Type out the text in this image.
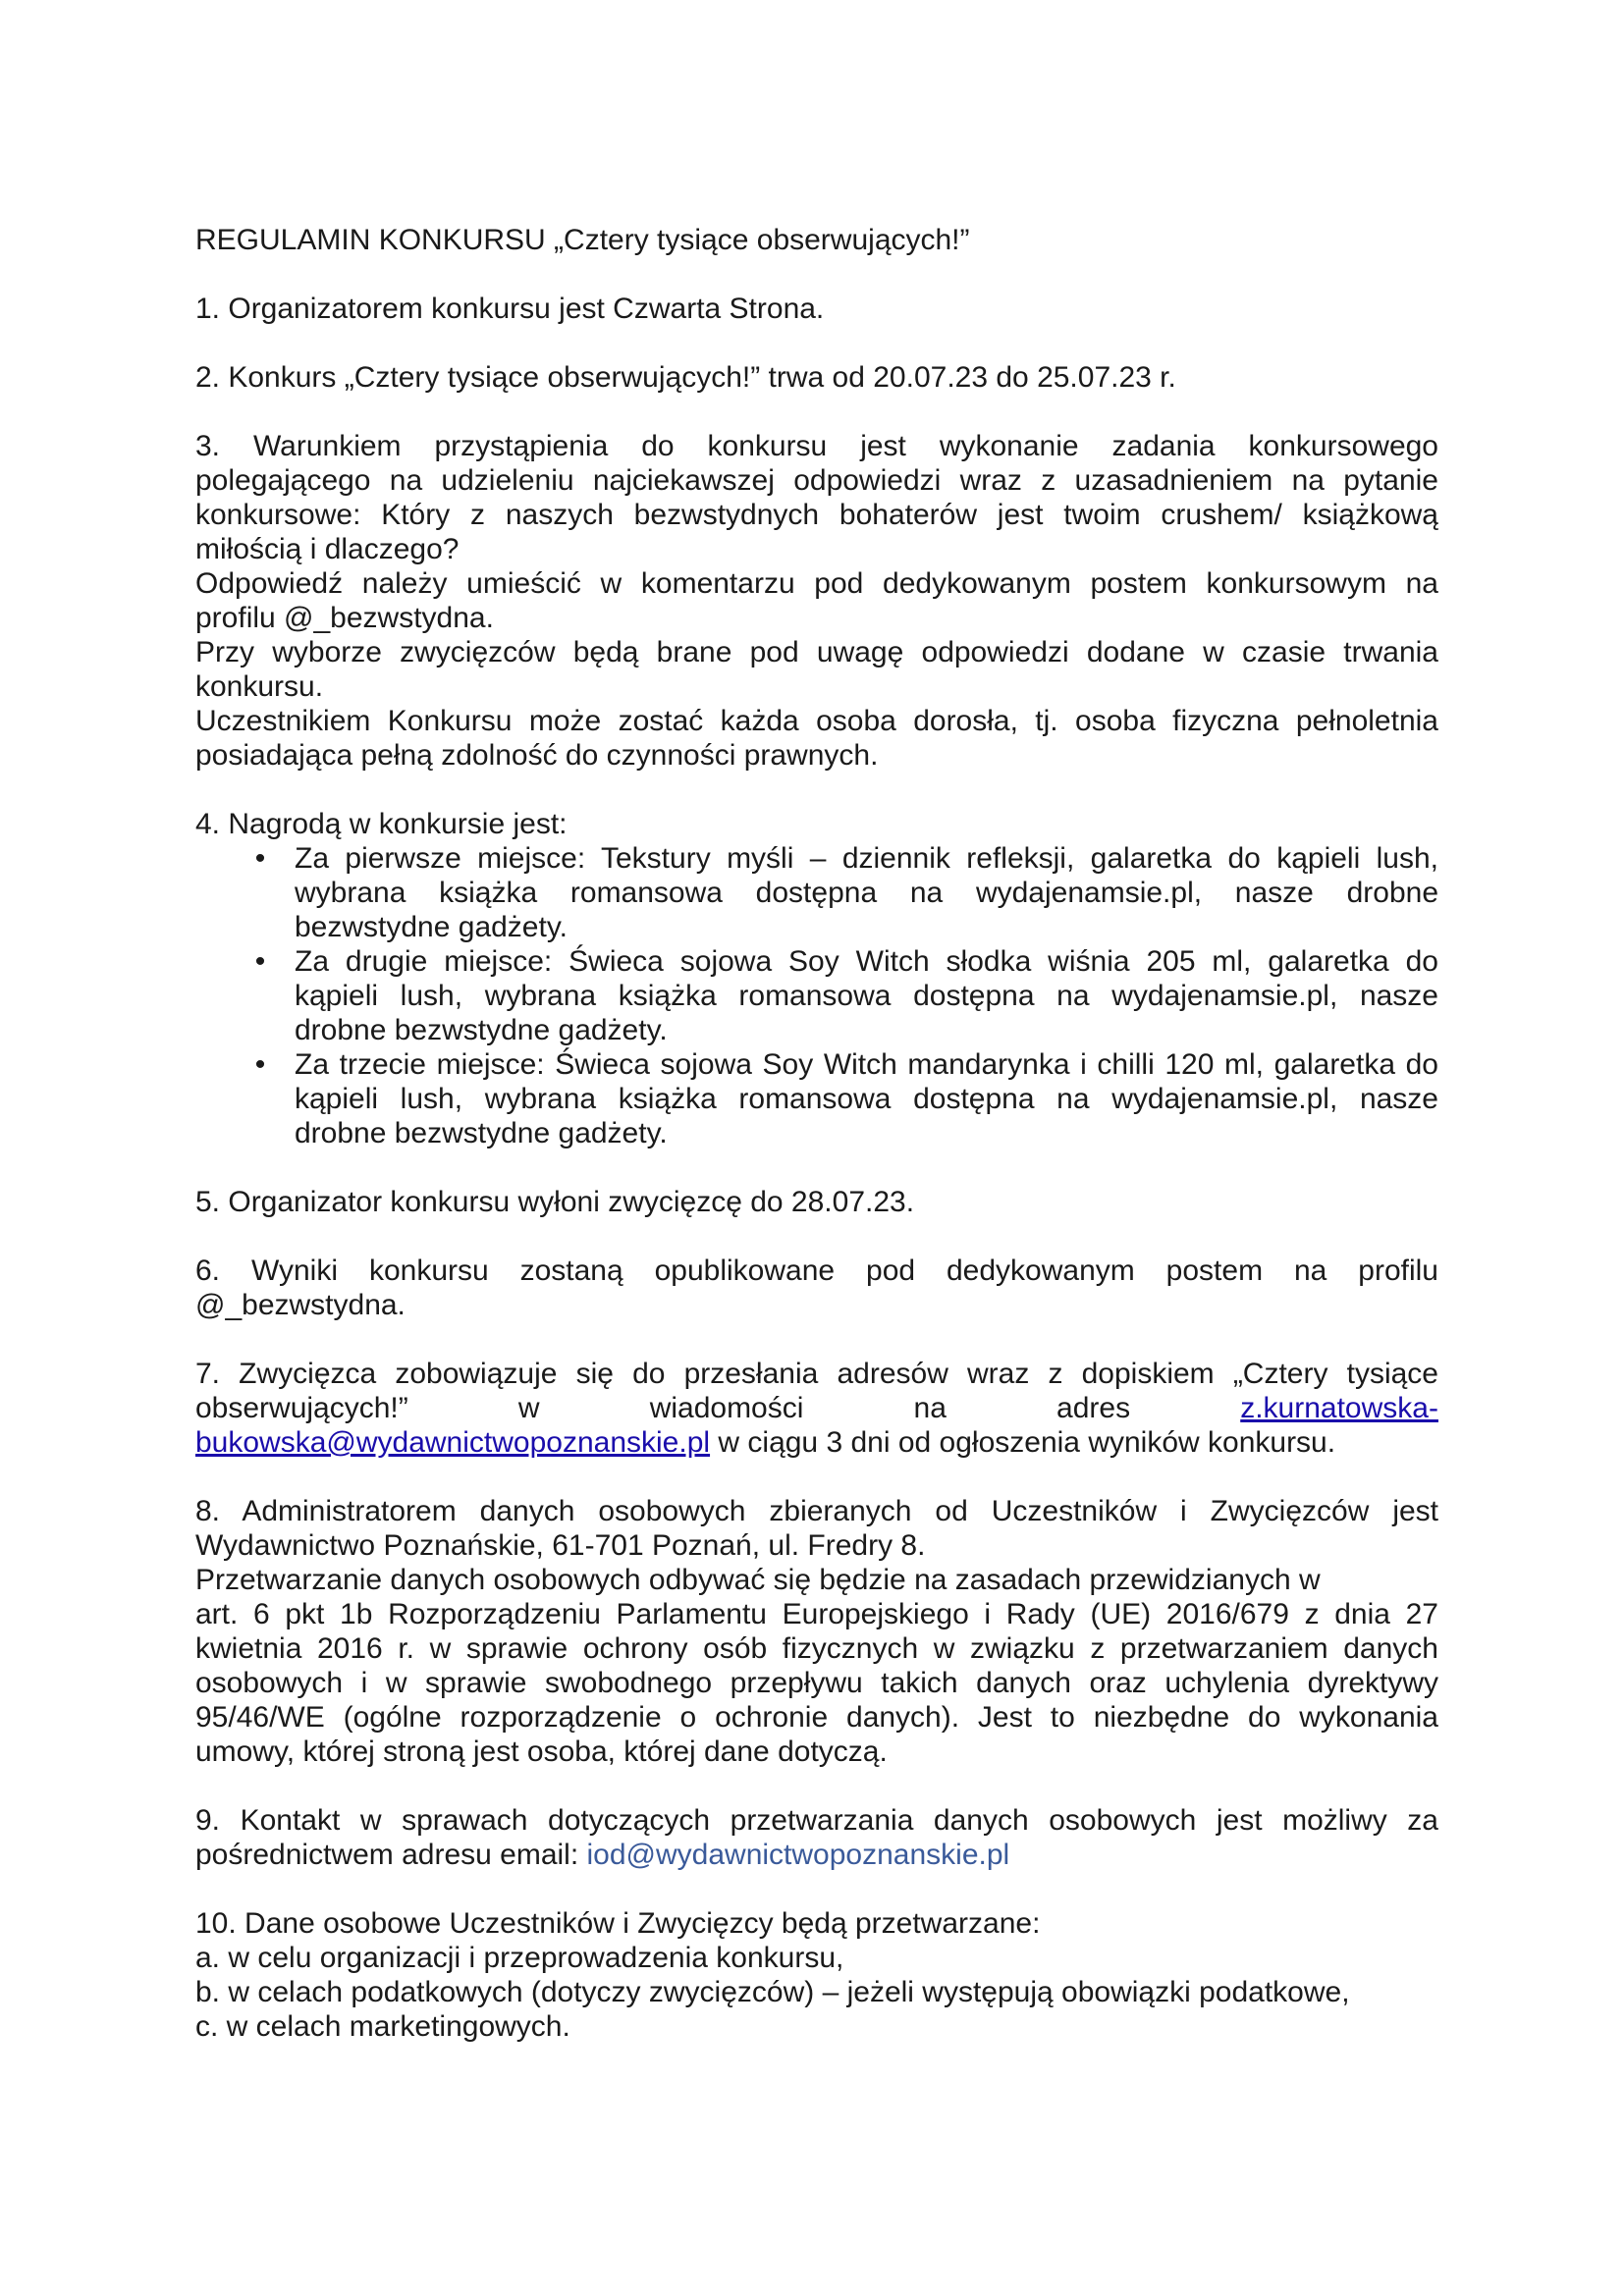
REGULAMIN KONKURSU „Cztery tysiące obserwujących!”
1. Organizatorem konkursu jest Czwarta Strona.
2. Konkurs „Cztery tysiące obserwujących!” trwa od 20.07.23 do 25.07.23 r.
3. Warunkiem przystąpienia do konkursu jest wykonanie zadania konkursowego
polegającego na udzieleniu najciekawszej odpowiedzi wraz z uzasadnieniem na pytanie
konkursowe: Który z naszych bezwstydnych bohaterów jest twoim crushem/ książkową
miłością i dlaczego?
Odpowiedź należy umieścić w komentarzu pod dedykowanym postem konkursowym na
profilu @_bezwstydna.
Przy wyborze zwycięzców będą brane pod uwagę odpowiedzi dodane w czasie trwania
konkursu.
Uczestnikiem Konkursu może zostać każda osoba dorosła, tj. osoba fizyczna pełnoletnia
posiadająca pełną zdolność do czynności prawnych.
4. Nagrodą w konkursie jest:
• Za pierwsze miejsce: Tekstury myśli – dziennik refleksji, galaretka do kąpieli lush,
wybrana książka romansowa dostępna na wydajenamsie.pl, nasze drobne
bezwstydne gadżety.
• Za drugie miejsce: Świeca sojowa Soy Witch słodka wiśnia 205 ml, galaretka do
kąpieli lush, wybrana książka romansowa dostępna na wydajenamsie.pl, nasze
drobne bezwstydne gadżety.
• Za trzecie miejsce: Świeca sojowa Soy Witch mandarynka i chilli 120 ml, galaretka do
kąpieli lush, wybrana książka romansowa dostępna na wydajenamsie.pl, nasze
drobne bezwstydne gadżety.
5. Organizator konkursu wyłoni zwycięzcę do 28.07.23.
6. Wyniki konkursu zostaną opublikowane pod dedykowanym postem na profilu
@_bezwstydna.
7. Zwycięzca zobowiązuje się do przesłania adresów wraz z dopiskiem „Cztery tysiące
obserwujących!”	w	wiadomości	na	adres	z.kurnatowska-
bukowska@wydawnictwopoznanskie.pl w ciągu 3 dni od ogłoszenia wyników konkursu.
8. Administratorem danych osobowych zbieranych od Uczestników i Zwycięzców jest
Wydawnictwo Poznańskie, 61-701 Poznań, ul. Fredry 8.
Przetwarzanie danych osobowych odbywać się będzie na zasadach przewidzianych w
art. 6 pkt 1b Rozporządzeniu Parlamentu Europejskiego i Rady (UE) 2016/679 z dnia 27
kwietnia 2016 r. w sprawie ochrony osób fizycznych w związku z przetwarzaniem danych
osobowych i w sprawie swobodnego przepływu takich danych oraz uchylenia dyrektywy
95/46/WE (ogólne rozporządzenie o ochronie danych). Jest to niezbędne do wykonania
umowy, której stroną jest osoba, której dane dotyczą.
9. Kontakt w sprawach dotyczących przetwarzania danych osobowych jest możliwy za
pośrednictwem adresu email: iod@wydawnictwopoznanskie.pl
10. Dane osobowe Uczestników i Zwycięzcy będą przetwarzane:
a. w celu organizacji i przeprowadzenia konkursu,
b. w celach podatkowych (dotyczy zwycięzców) – jeżeli występują obowiązki podatkowe,
c. w celach marketingowych.
